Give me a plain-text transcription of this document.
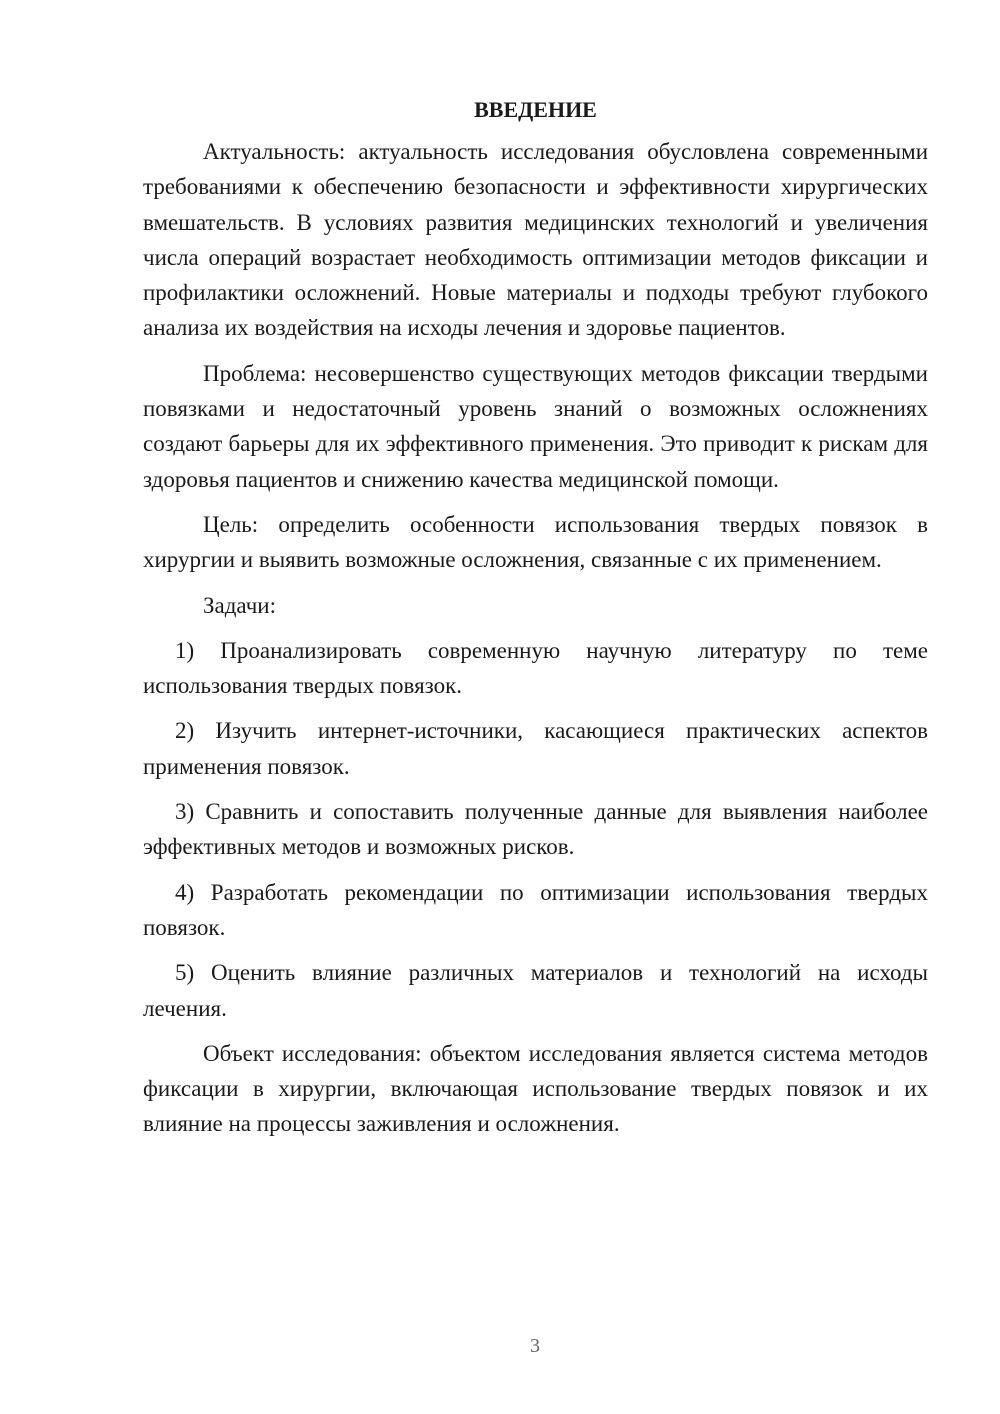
ВВЕДЕНИЕ

Актуальность: актуальность исследования обусловлена современными требованиями к обеспечению безопасности и эффективности хирургических вмешательств. В условиях развития медицинских технологий и увеличения числа операций возрастает необходимость оптимизации методов фиксации и профилактики осложнений. Новые материалы и подходы требуют глубокого анализа их воздействия на исходы лечения и здоровье пациентов.

Проблема: несовершенство существующих методов фиксации твердыми повязками и недостаточный уровень знаний о возможных осложнениях создают барьеры для их эффективного применения. Это приводит к рискам для здоровья пациентов и снижению качества медицинской помощи.

Цель: определить особенности использования твердых повязок в хирургии и выявить возможные осложнения, связанные с их применением.

Задачи:

1) Проанализировать современную научную литературу по теме использования твердых повязок.

2) Изучить интернет-источники, касающиеся практических аспектов применения повязок.

3) Сравнить и сопоставить полученные данные для выявления наиболее эффективных методов и возможных рисков.

4) Разработать рекомендации по оптимизации использования твердых повязок.

5) Оценить влияние различных материалов и технологий на исходы лечения.

Объект исследования: объектом исследования является система методов фиксации в хирургии, включающая использование твердых повязок и их влияние на процессы заживления и осложнения.

3
